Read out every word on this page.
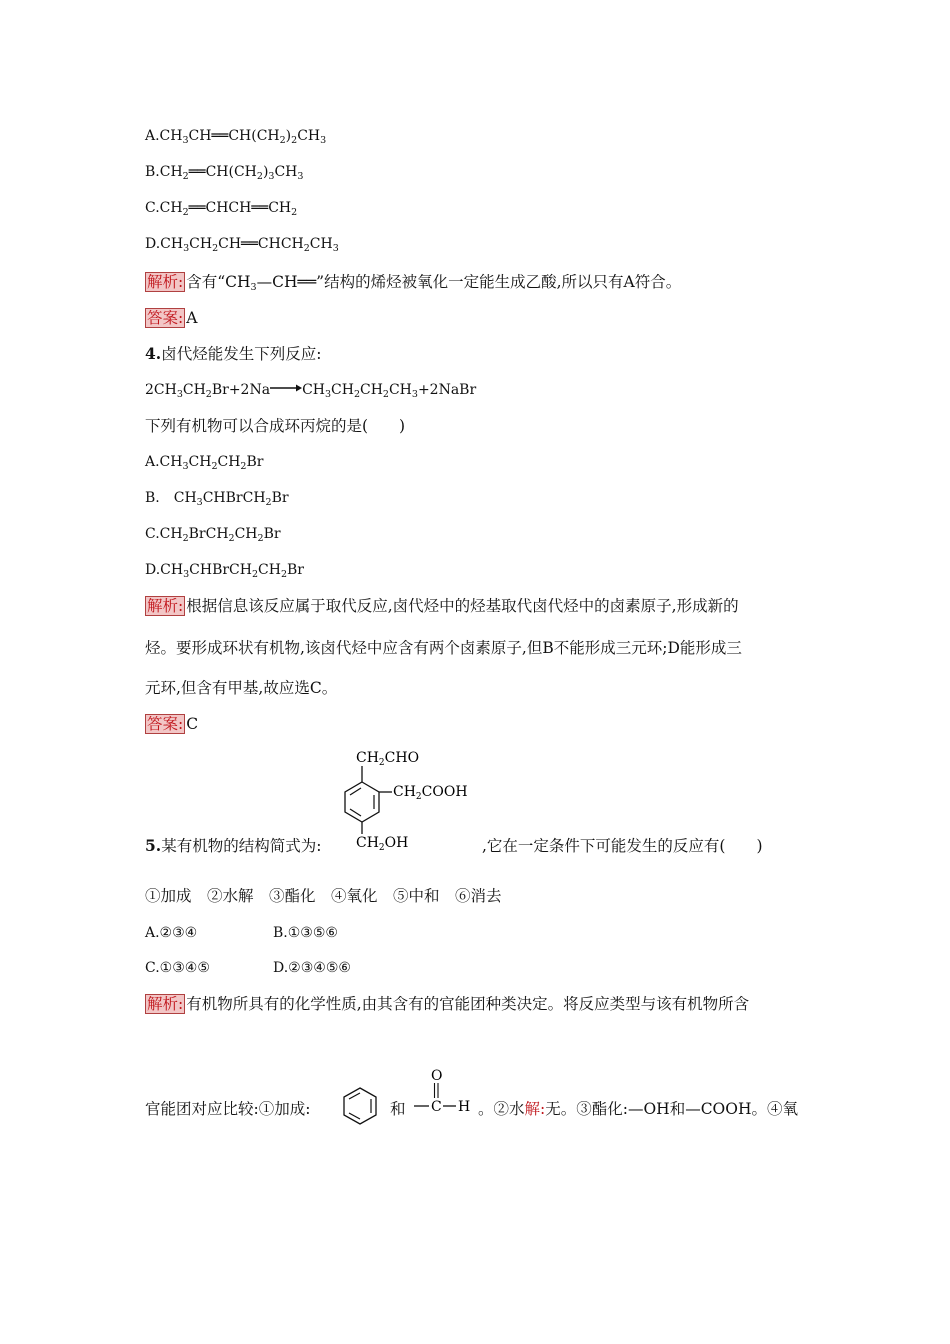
$A.CH_3CH══CH(CH_2)_2CH_3$
$B.CH_2══CH(CH_2)_3CH_3$
$C.CH_2══CHCH══CH_2$
$D.CH_3CH_2CH══CHCH_2CH_3$
解析: 含有“$CH_3—CH══$”结构的烯烃被氧化一定能生成乙酸,所以只有A符合。
答案: A
4.卤代烃能发生下列反应:
$2CH_3CH_2Br+2Na\to CH_3CH_2CH_2CH_3+2NaBr$
下列有机物可以合成环丙烷的是(　　)
$A.CH_3CH_2CH_2Br$
B.　$CH_3CHBrCH_2Br$
$C.CH_2BrCH_2CH_2Br$
$D.CH_3CHBrCH_2CH_2Br$
解析: 根据信息该反应属于取代反应,卤代烃中的烃基取代卤代烃中的卤素原子,形成新的
烃。要形成环状有机物,该卤代烃中应含有两个卤素原子,但B不能形成三元环;D能形成三
元环,但含有甲基,故应选C。
答案: C
$CH_2CHO$
$CH_2COOH$
$CH_2OH$
5.某有机物的结构简式为:	,它在一定条件下可能发生的反应有(　　)
①加成　②水解　③酯化　④氧化　⑤中和　⑥消去
A.②③④	B.①③⑤⑥
C.①③④⑤	D.②③④⑤⑥
解析: 有机物所具有的化学性质,由其含有的官能团种类决定。将反应类型与该有机物所含
官能团对应比较:①加成:	和
O
C H 。②水解:无。③酯化:—OH和—COOH。④氧
